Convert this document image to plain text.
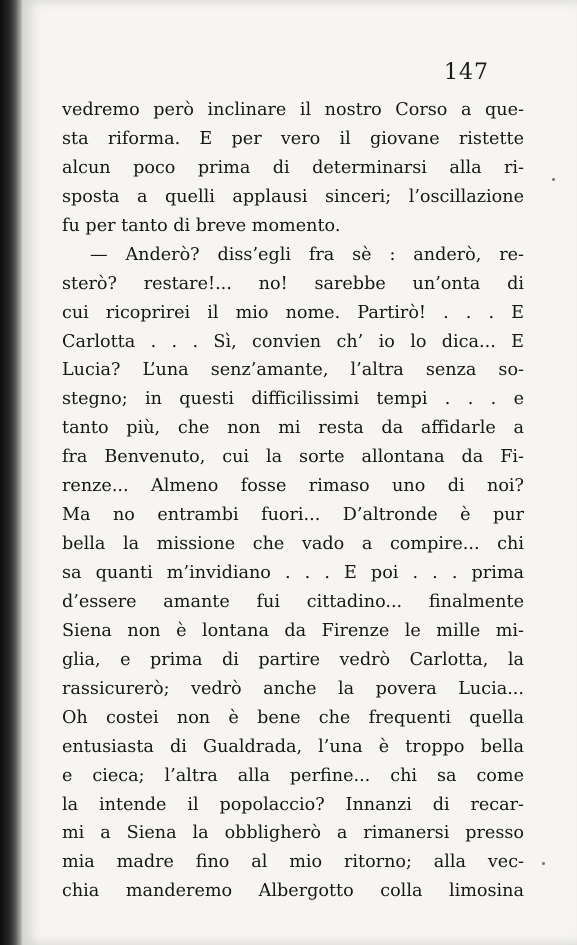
147
vedremo però inclinare il nostro Corso a que-
sta riforma. E per vero il giovane ristette
alcun poco prima di determinarsi alla ri-
sposta a quelli applausi sinceri; l’oscillazione
fu per tanto di breve momento.
— Anderò? diss’egli fra sè : anderò, re-
sterò? restare!... no! sarebbe un’onta di
cui ricoprirei il mio nome. Partirò! . . . E
Carlotta . . . Sì, convien ch’ io lo dica... E
Lucia? L’una senz’amante, l’altra senza so-
stegno; in questi difficilissimi tempi . . . e
tanto più, che non mi resta da affidarle a
fra Benvenuto, cui la sorte allontana da Fi-
renze... Almeno fosse rimaso uno di noi?
Ma no entrambi fuori... D’altronde è pur
bella la missione che vado a compire... chi
sa quanti m’invidiano . . . E poi . . . prima
d’essere amante fui cittadino... finalmente
Siena non è lontana da Firenze le mille mi-
glia, e prima di partire vedrò Carlotta, la
rassicurerò; vedrò anche la povera Lucia...
Oh costei non è bene che frequenti quella
entusiasta di Gualdrada, l’una è troppo bella
e cieca; l’altra alla perfine... chi sa come
la intende il popolaccio? Innanzi di recar-
mi a Siena la obbligherò a rimanersi presso
mia madre fino al mio ritorno; alla vec-
chia manderemo Albergotto colla limosina
